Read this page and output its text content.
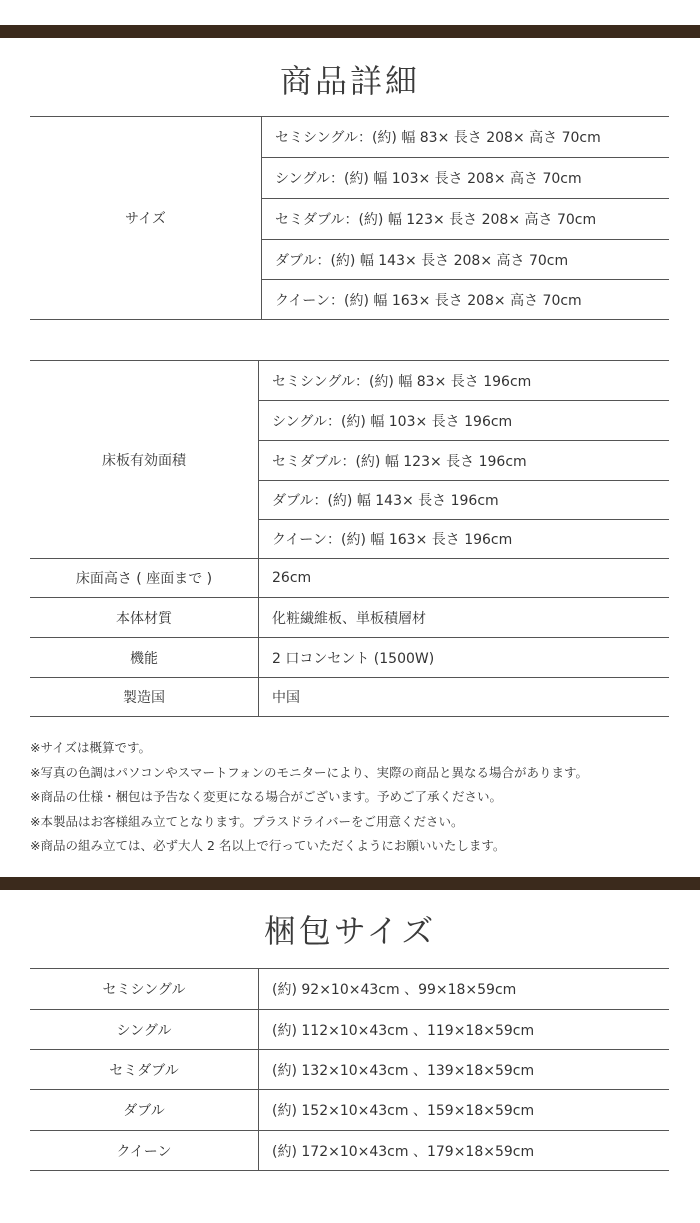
商品詳細
サイズ
セミシングル：(約) 幅 83× 長さ 208× 高さ 70cm
シングル：(約) 幅 103× 長さ 208× 高さ 70cm
セミダブル：(約) 幅 123× 長さ 208× 高さ 70cm
ダブル：(約) 幅 143× 長さ 208× 高さ 70cm
クイーン：(約) 幅 163× 長さ 208× 高さ 70cm
床板有効面積
セミシングル：(約) 幅 83× 長さ 196cm
シングル：(約) 幅 103× 長さ 196cm
セミダブル：(約) 幅 123× 長さ 196cm
ダブル：(約) 幅 143× 長さ 196cm
クイーン：(約) 幅 163× 長さ 196cm
床面高さ ( 座面まで )	26cm
本体材質	化粧繊維板、単板積層材
機能	2 口コンセント (1500W)
製造国	中国
※サイズは概算です。
※写真の色調はパソコンやスマートフォンのモニターにより、実際の商品と異なる場合があります。
※商品の仕様・梱包は予告なく変更になる場合がございます。予めご了承ください。
※本製品はお客様組み立てとなります。プラスドライバーをご用意ください。
※商品の組み立ては、必ず大人 2 名以上で行っていただくようにお願いいたします。
梱包サイズ
セミシングル	(約) 92×10×43cm 、99×18×59cm
シングル	(約) 112×10×43cm 、119×18×59cm
セミダブル	(約) 132×10×43cm 、139×18×59cm
ダブル	(約) 152×10×43cm 、159×18×59cm
クイーン	(約) 172×10×43cm 、179×18×59cm
